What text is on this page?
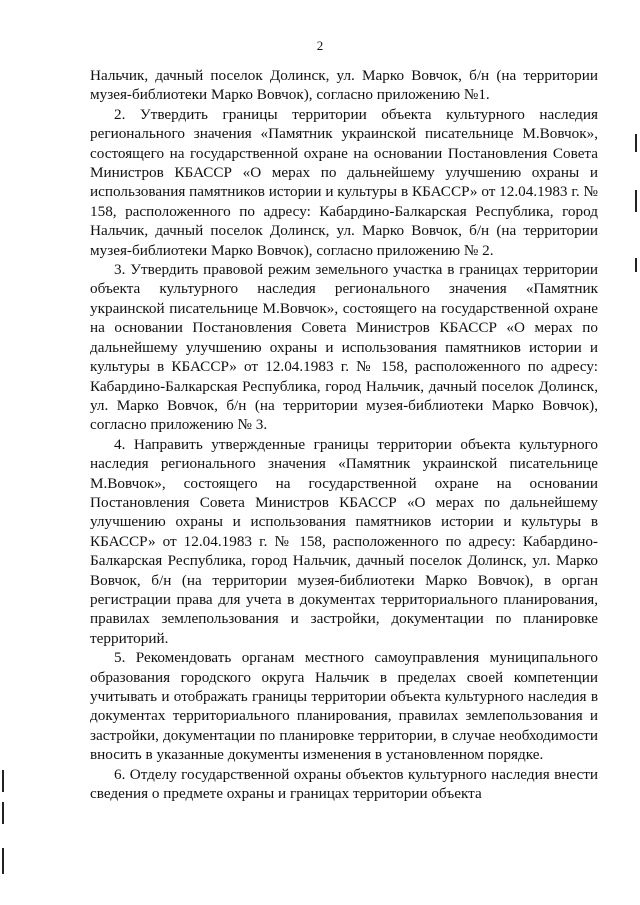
2

Нальчик, дачный поселок Долинск, ул. Марко Вовчок, б/н (на территории музея-библиотеки Марко Вовчок), согласно приложению №1.

2. Утвердить границы территории объекта культурного наследия регионального значения «Памятник украинской писательнице М.Вовчок», состоящего на государственной охране на основании Постановления Совета Министров КБАССР «О мерах по дальнейшему улучшению охраны и использования памятников истории и культуры в КБАССР» от 12.04.1983 г. № 158, расположенного по адресу: Кабардино-Балкарская Республика, город Нальчик, дачный поселок Долинск, ул. Марко Вовчок, б/н (на территории музея-библиотеки Марко Вовчок), согласно приложению № 2.

3. Утвердить правовой режим земельного участка в границах территории объекта культурного наследия регионального значения «Памятник украинской писательнице М.Вовчок», состоящего на государственной охране на основании Постановления Совета Министров КБАССР «О мерах по дальнейшему улучшению охраны и использования памятников истории и культуры в КБАССР» от 12.04.1983 г. № 158, расположенного по адресу: Кабардино-Балкарская Республика, город Нальчик, дачный поселок Долинск, ул. Марко Вовчок, б/н (на территории музея-библиотеки Марко Вовчок), согласно приложению № 3.

4. Направить утвержденные границы территории объекта культурного наследия регионального значения «Памятник украинской писательнице М.Вовчок», состоящего на государственной охране на основании Постановления Совета Министров КБАССР «О мерах по дальнейшему улучшению охраны и использования памятников истории и культуры в КБАССР» от 12.04.1983 г. № 158, расположенного по адресу: Кабардино-Балкарская Республика, город Нальчик, дачный поселок Долинск, ул. Марко Вовчок, б/н (на территории музея-библиотеки Марко Вовчок), в орган регистрации права для учета в документах территориального планирования, правилах землепользования и застройки, документации по планировке территорий.

5. Рекомендовать органам местного самоуправления муниципального образования городского округа Нальчик в пределах своей компетенции учитывать и отображать границы территории объекта культурного наследия в документах территориального планирования, правилах землепользования и застройки, документации по планировке территории, в случае необходимости вносить в указанные документы изменения в установленном порядке.

6. Отделу государственной охраны объектов культурного наследия внести сведения о предмете охраны и границах территории объекта
